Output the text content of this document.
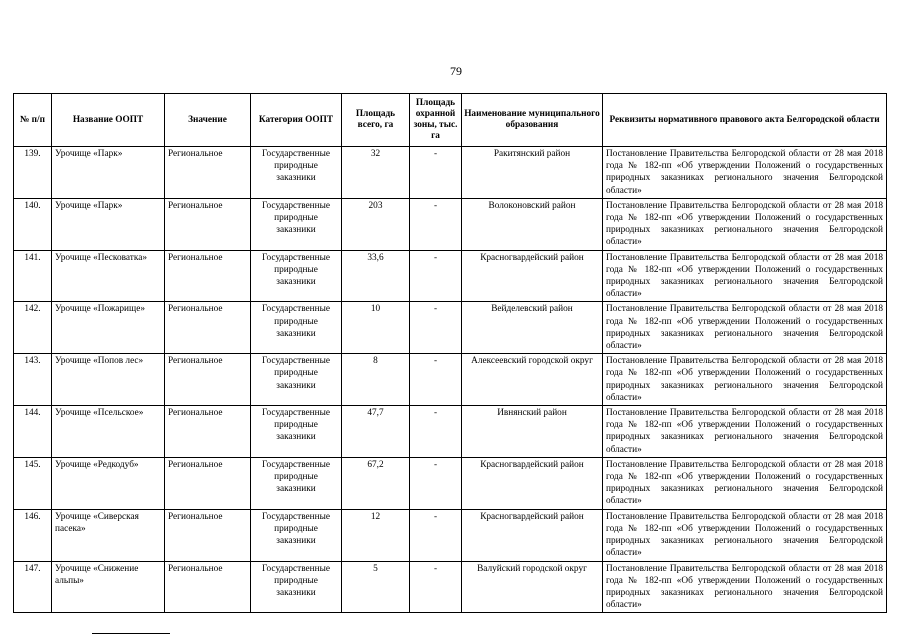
79
№ п/п	Название ООПТ	Значение	Категория ООПТ	Площадь всего, га	Площадь охранной зоны, тыс. га	Наименование муниципального образования	Реквизиты нормативного правового акта Белгородской области
139.	Урочище «Парк»	Региональное	Государственные природные заказники	32	-	Ракитянский район	Постановление Правительства Белгородской области от 28 мая 2018 года № 182-пп «Об утверждении Положений о государственных природных заказниках регионального значения Белгородской области»
140.	Урочище «Парк»	Региональное	Государственные природные заказники	203	-	Волоконовский район	Постановление Правительства Белгородской области от 28 мая 2018 года № 182-пп «Об утверждении Положений о государственных природных заказниках регионального значения Белгородской области»
141.	Урочище «Песковатка»	Региональное	Государственные природные заказники	33,6	-	Красногвардейский район	Постановление Правительства Белгородской области от 28 мая 2018 года № 182-пп «Об утверждении Положений о государственных природных заказниках регионального значения Белгородской области»
142.	Урочище «Пожарище»	Региональное	Государственные природные заказники	10	-	Вейделевский район	Постановление Правительства Белгородской области от 28 мая 2018 года № 182-пп «Об утверждении Положений о государственных природных заказниках регионального значения Белгородской области»
143.	Урочище «Попов лес»	Региональное	Государственные природные заказники	8	-	Алексеевский городской округ	Постановление Правительства Белгородской области от 28 мая 2018 года № 182-пп «Об утверждении Положений о государственных природных заказниках регионального значения Белгородской области»
144.	Урочище «Псельское»	Региональное	Государственные природные заказники	47,7	-	Ивнянский район	Постановление Правительства Белгородской области от 28 мая 2018 года № 182-пп «Об утверждении Положений о государственных природных заказниках регионального значения Белгородской области»
145.	Урочище «Редкодуб»	Региональное	Государственные природные заказники	67,2	-	Красногвардейский район	Постановление Правительства Белгородской области от 28 мая 2018 года № 182-пп «Об утверждении Положений о государственных природных заказниках регионального значения Белгородской области»
146.	Урочище «Сиверская пасека»	Региональное	Государственные природные заказники	12	-	Красногвардейский район	Постановление Правительства Белгородской области от 28 мая 2018 года № 182-пп «Об утверждении Положений о государственных природных заказниках регионального значения Белгородской области»
147.	Урочище «Снижение альпы»	Региональное	Государственные природные заказники	5	-	Валуйский городской округ	Постановление Правительства Белгородской области от 28 мая 2018 года № 182-пп «Об утверждении Положений о государственных природных заказниках регионального значения Белгородской области»
